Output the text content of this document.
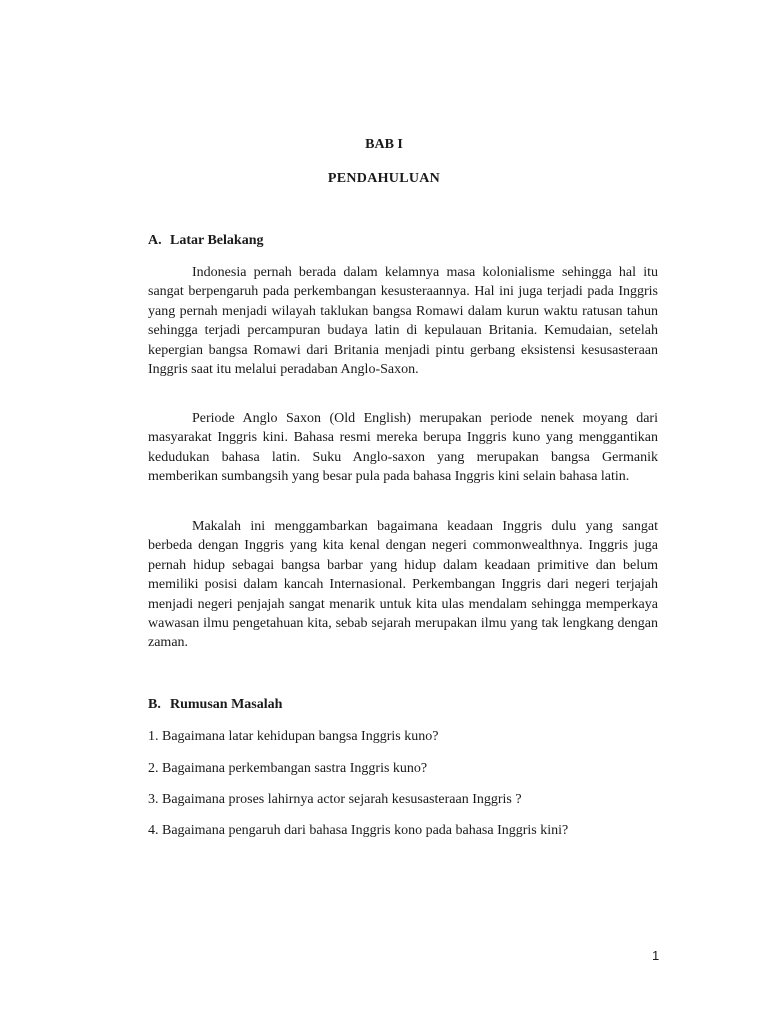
BAB I
PENDAHULUAN
A. Latar Belakang

Indonesia pernah berada dalam kelamnya masa kolonialisme sehingga hal itu sangat berpengaruh pada perkembangan kesusteraannya. Hal ini juga terjadi pada Inggris yang pernah menjadi wilayah taklukan bangsa Romawi dalam kurun waktu ratusan tahun sehingga terjadi percampuran budaya latin di kepulauan Britania. Kemudaian, setelah kepergian bangsa Romawi dari Britania menjadi pintu gerbang eksistensi kesusasteraan Inggris saat itu melalui peradaban Anglo-Saxon.

Periode Anglo Saxon (Old English) merupakan periode nenek moyang dari masyarakat Inggris kini. Bahasa resmi mereka berupa Inggris kuno yang menggantikan kedudukan bahasa latin. Suku Anglo-saxon yang merupakan bangsa Germanik memberikan sumbangsih yang besar pula pada bahasa Inggris kini selain bahasa latin.

Makalah ini menggambarkan bagaimana keadaan Inggris dulu yang sangat berbeda dengan Inggris yang kita kenal dengan negeri commonwealthnya. Inggris juga pernah hidup sebagai bangsa barbar yang hidup dalam keadaan primitive dan belum memiliki posisi dalam kancah Internasional. Perkembangan Inggris dari negeri terjajah menjadi negeri penjajah sangat menarik untuk kita ulas mendalam sehingga memperkaya wawasan ilmu pengetahuan kita, sebab sejarah merupakan ilmu yang tak lengkang dengan zaman.

B. Rumusan Masalah
1. Bagaimana latar kehidupan bangsa Inggris kuno?
2. Bagaimana perkembangan sastra Inggris kuno?
3. Bagaimana proses lahirnya actor sejarah kesusasteraan Inggris ?
4. Bagaimana pengaruh dari bahasa Inggris kono pada bahasa Inggris kini?
1
